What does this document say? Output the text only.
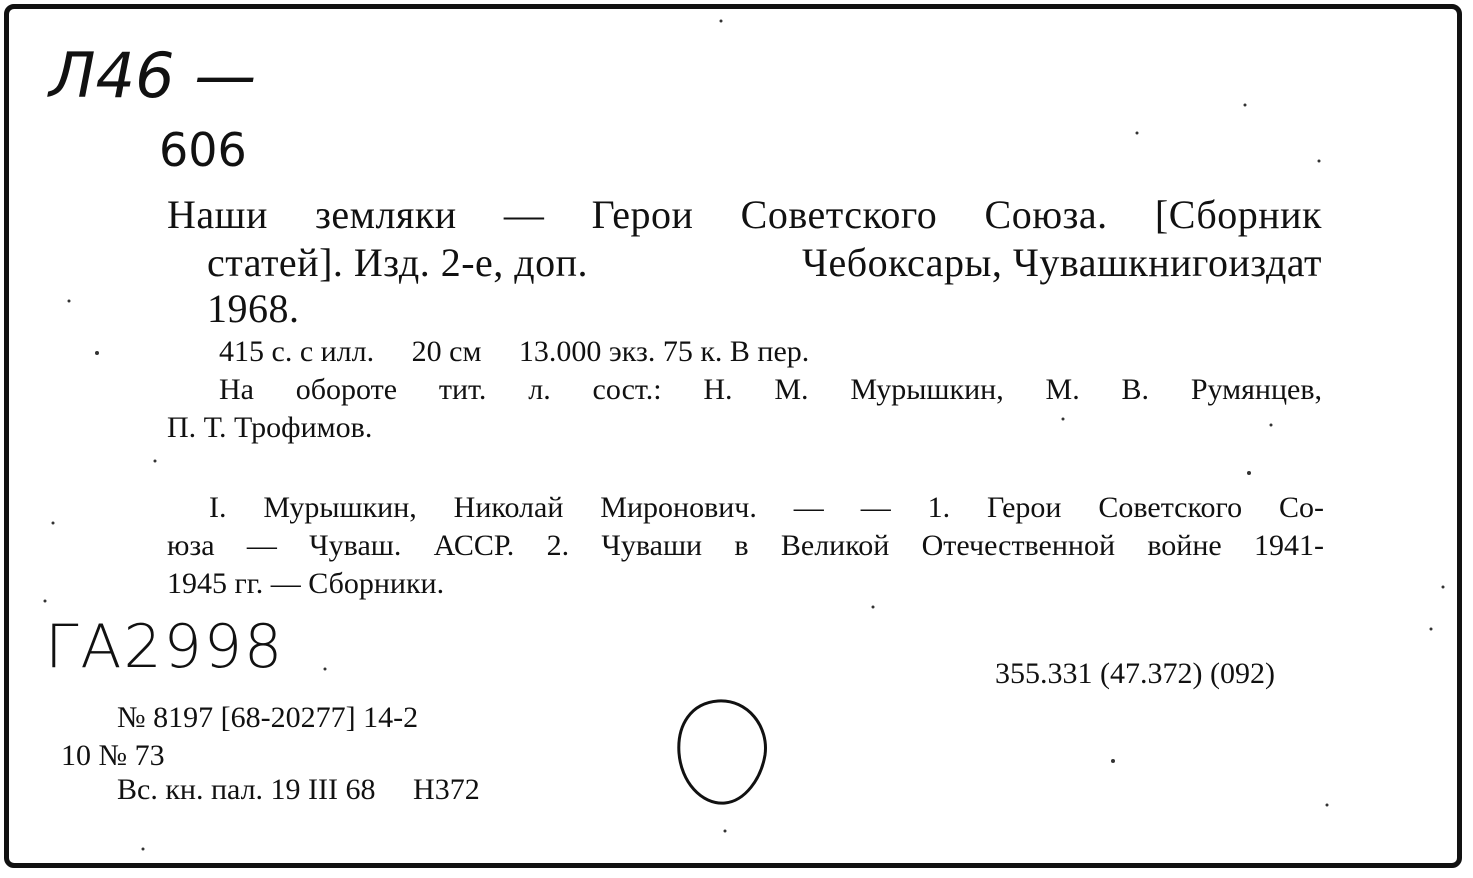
Л46 —
606
Наши земляки — Герои Советского Союза. [Сборник
статей]. Изд. 2-е, доп.	Чебоксары, Чувашкнигоиздат
1968.
415 с. с илл.     20 см     13.000 экз. 75 к. В пер.
На обороте тит. л. сост.: Н. М. Мурышкин, М. В. Румянцев,
П. Т. Трофимов.
I. Мурышкин, Николай Миронович. — — 1. Герои Советского Со-
юза — Чуваш. АССР. 2. Чуваши в Великой Отечественной войне 1941-
1945 гг. — Сборники.
ГА2998	355.331 (47.372) (092)
№ 8197 [68-20277] 14-2
10 № 73
Вс. кн. пал. 19 III 68     Н372
